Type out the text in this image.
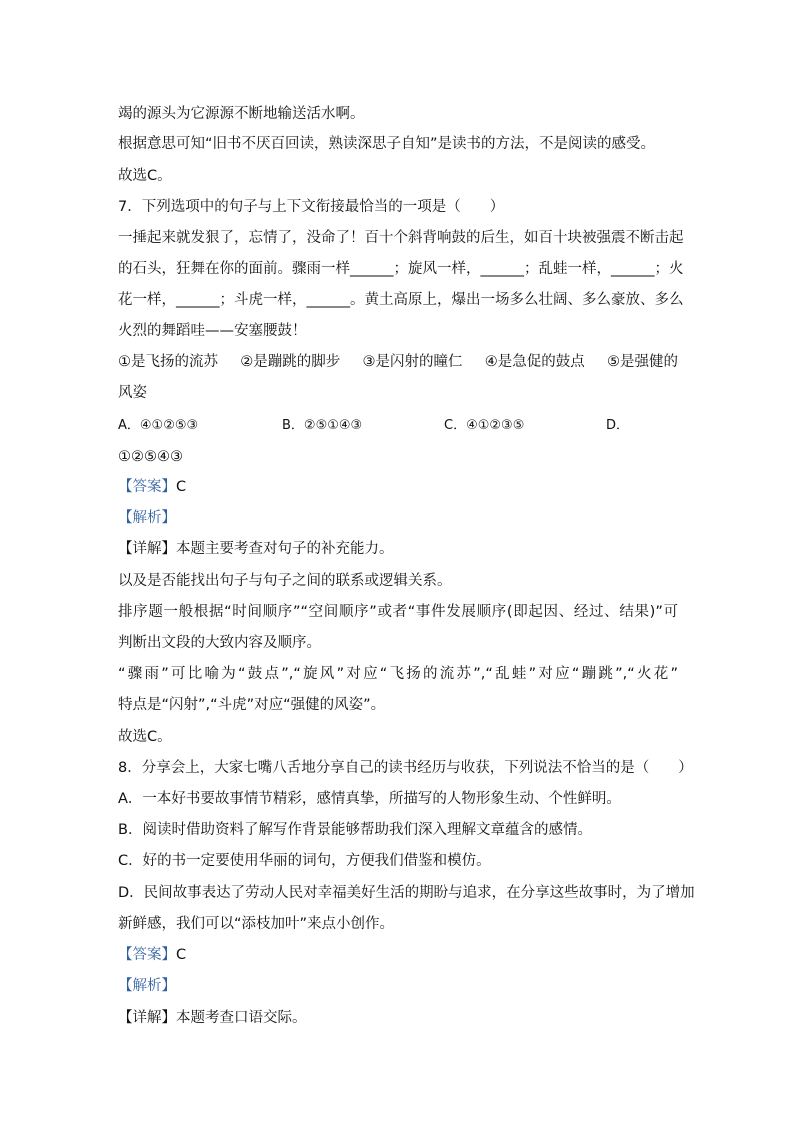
竭的源头为它源源不断地输送活水啊。
根据意思可知“旧书不厌百回读，熟读深思子自知”是读书的方法，不是阅读的感受。
故选C。
7．下列选项中的句子与上下文衔接最恰当的一项是（　　）
一捶起来就发狠了，忘情了，没命了！百十个斜背响鼓的后生，如百十块被强震不断击起
的石头，狂舞在你的面前。骤雨一样______；旋风一样，______；乱蛙一样，______；火
花一样，______；斗虎一样，______。黄土高原上，爆出一场多么壮阔、多么豪放、多么
火烈的舞蹈哇——安塞腰鼓！
①是飞扬的流苏 ②是蹦跳的脚步 ③是闪射的瞳仁 ④是急促的鼓点 ⑤是强健的
风姿
A．④①②⑤③	B．②⑤①④③	C．④①②③⑤	D．
①②⑤④③
【答案】C
【解析】
【详解】本题主要考查对句子的补充能力。
以及是否能找出句子与句子之间的联系或逻辑关系。
排序题一般根据“时间顺序”“空间顺序”或者“事件发展顺序(即起因、经过、结果)”可
判断出文段的大致内容及顺序。
“骤雨”可比喻为“鼓点”,“旋风”对应“飞扬的流苏”,“乱蛙”对应“蹦跳”,“火花”
特点是“闪射”,“斗虎”对应“强健的风姿”。
故选C。
8．分享会上，大家七嘴八舌地分享自己的读书经历与收获，下列说法不恰当的是（　　）
A．一本好书要故事情节精彩，感情真挚，所描写的人物形象生动、个性鲜明。
B．阅读时借助资料了解写作背景能够帮助我们深入理解文章蕴含的感情。
C．好的书一定要使用华丽的词句，方便我们借鉴和模仿。
D．民间故事表达了劳动人民对幸福美好生活的期盼与追求，在分享这些故事时，为了增加
新鲜感，我们可以“添枝加叶”来点小创作。
【答案】C
【解析】
【详解】本题考查口语交际。
